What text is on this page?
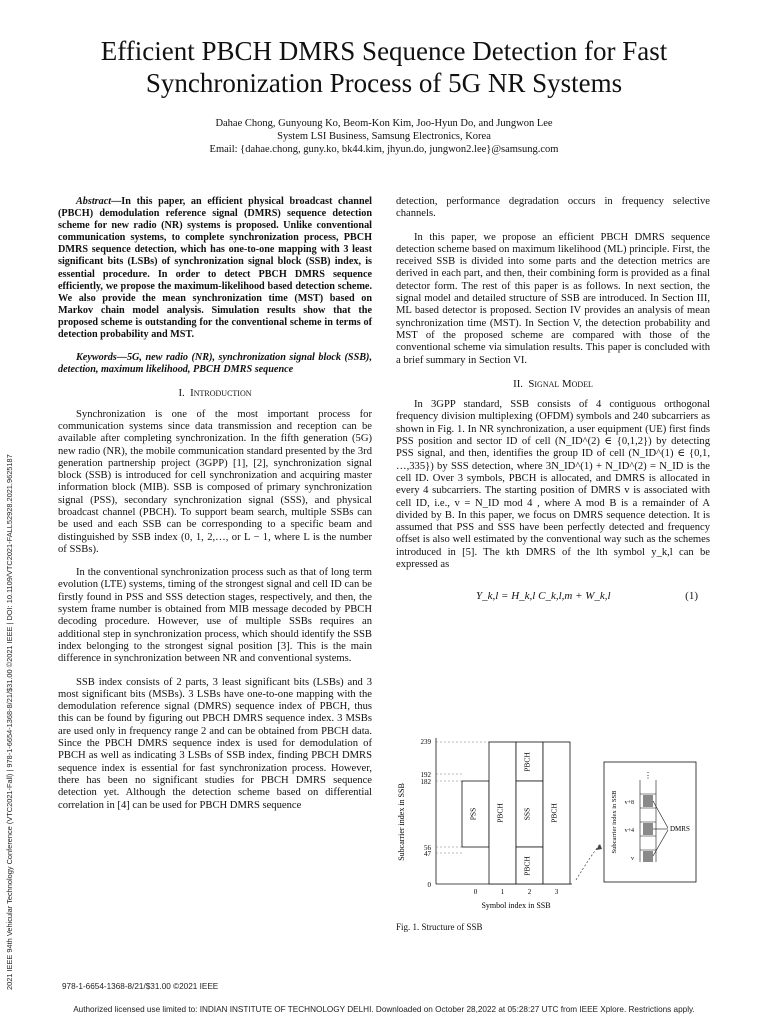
2021 IEEE 94th Vehicular Technology Conference (VTC2021-Fall) | 978-1-6654-1368-8/21/$31.00 ©2021 IEEE | DOI: 10.1109/VTC2021-FALL52928.2021.9625187
Efficient PBCH DMRS Sequence Detection for Fast
Synchronization Process of 5G NR Systems
Dahae Chong, Gunyoung Ko, Beom-Kon Kim, Joo-Hyun Do, and Jungwon Lee
System LSI Business, Samsung Electronics, Korea
Email: {dahae.chong, guny.ko, bk44.kim, jhyun.do, jungwon2.lee}@samsung.com

Abstract—In this paper, an efficient physical broadcast channel (PBCH) demodulation reference signal (DMRS) sequence detection scheme for new radio (NR) systems is proposed. Unlike conventional communication systems, to complete synchronization process, PBCH DMRS sequence detection, which has one-to-one mapping with 3 least significant bits (LSBs) of synchronization signal block (SSB) index, is essential procedure. In order to detect PBCH DMRS sequence efficiently, we propose the maximum-likelihood based detection scheme. We also provide the mean synchronization time (MST) based on Markov chain model analysis. Simulation results show that the proposed scheme is outstanding for the conventional scheme in terms of detection probability and MST.

Keywords—5G, new radio (NR), synchronization signal block (SSB), detection, maximum likelihood, PBCH DMRS sequence

I. Introduction

Synchronization is one of the most important process for communication systems since data transmission and reception can be available after completing synchronization. In the fifth generation (5G) new radio (NR), the mobile communication standard presented by the 3rd generation partnership project (3GPP) [1], [2], synchronization signal block (SSB) is introduced for cell synchronization and acquiring master information block (MIB). SSB is composed of primary synchronization signal (PSS), secondary synchronization signal (SSS), and physical broadcast channel (PBCH). To support beam search, multiple SSBs can be used and each SSB can be corresponding to a specific beam and distinguished by SSB index (0, 1, 2,…, or L − 1, where L is the number of SSBs).

In the conventional synchronization process such as that of long term evolution (LTE) systems, timing of the strongest signal and cell ID can be firstly found in PSS and SSS detection stages, respectively, and then, the system frame number is obtained from MIB message decoded by PBCH decoding procedure. However, use of multiple SSBs requires an additional step in synchronization process, which should identify the SSB index belonging to the strongest signal position [3]. This is the main difference in synchronization between NR and conventional systems.

SSB index consists of 2 parts, 3 least significant bits (LSBs) and 3 most significant bits (MSBs). 3 LSBs have one-to-one mapping with the demodulation reference signal (DMRS) sequence index of PBCH, thus this can be found by figuring out PBCH DMRS sequence index. 3 MSBs are used only in frequency range 2 and can be obtained from PBCH data. Since the PBCH DMRS sequence index is used for demodulation of PBCH as well as indicating 3 LSBs of SSB index, finding PBCH DMRS sequence index is essential for fast synchronization process. However, there has been no significant studies for PBCH DMRS sequence detection yet. Although the detection scheme based on differential correlation in [4] can be used for PBCH DMRS sequence

detection, performance degradation occurs in frequency selective channels.

In this paper, we propose an efficient PBCH DMRS sequence detection scheme based on maximum likelihood (ML) principle. First, the received SSB is divided into some parts and the detection metrics are derived in each part, and then, their combining form is provided as a final detector form. The rest of this paper is as follows. In next section, the signal model and detailed structure of SSB are introduced. In Section III, ML based detector is proposed. Section IV provides an analysis of mean synchronization time (MST). In Section V, the detection probability and MST of the proposed scheme are compared with those of the conventional scheme via simulation results. This paper is concluded with a brief summary in Section VI.

II. Signal Model

In 3GPP standard, SSB consists of 4 contiguous orthogonal frequency division multiplexing (OFDM) symbols and 240 subcarriers as shown in Fig. 1. In NR synchronization, a user equipment (UE) first finds PSS position and sector ID of cell (N_ID^(2) ∈ {0,1,2}) by detecting PSS signal, and then, identifies the group ID of cell (N_ID^(1) ∈ {0,1, …,335}) by SSS detection, where 3N_ID^(1) + N_ID^(2) = N_ID is the cell ID. Over 3 symbols, PBCH is allocated, and DMRS is allocated in every 4 subcarriers. The starting position of DMRS v is associated with cell ID, i.e., v = N_ID mod 4 , where A mod B is a remainder of A divided by B. In this paper, we focus on DMRS sequence detection. It is assumed that PSS and SSS have been perfectly detected and frequency offset is also well estimated by the conventional way such as the schemes introduced in [5]. The kth DMRS of the lth symbol y_k,l can be expressed as

Y_k,l = H_k,l C_k,l,m + W_k,l	(1)
Subcarrier index in SSB
239
192
182
56
47
0
PSS PBCH
PBCH
SSS
PBCH
PBCH
0	1	2	3
Symbol index in SSB
Subcarrier index in SSB
⋮
v+8
v+4
v
DMRS
Fig. 1. Structure of SSB
978-1-6654-1368-8/21/$31.00 ©2021 IEEE
Authorized licensed use limited to: INDIAN INSTITUTE OF TECHNOLOGY DELHI. Downloaded on October 28,2022 at 05:28:27 UTC from IEEE Xplore. Restrictions apply.
